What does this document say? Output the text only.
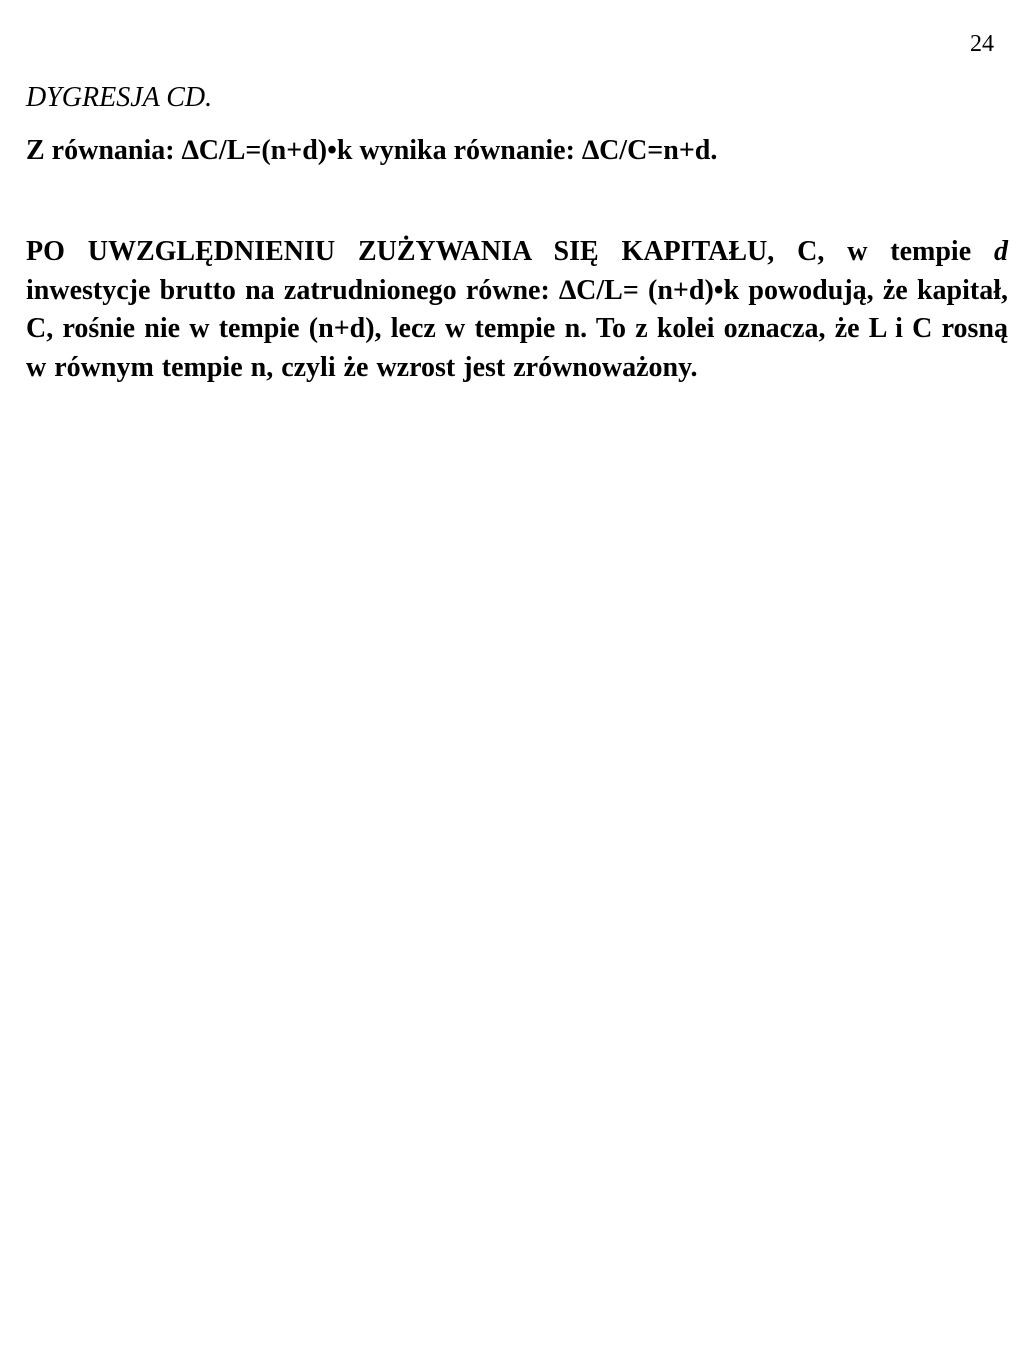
24
DYGRESJA CD.
Z równania: ∆C/L=(n+d)•k wynika równanie: ∆C/C=n+d.
PO UWZGLĘDNIENIU ZUŻYWANIA SIĘ KAPITAŁU, C, w tempie d inwestycje brutto na zatrudnionego równe: ∆C/L= (n+d)•k powodują, że kapitał, C, rośnie nie w tempie (n+d), lecz w tempie n. To z kolei oznacza, że L i C rosną w równym tempie n, czyli że wzrost jest zrównoważony.
